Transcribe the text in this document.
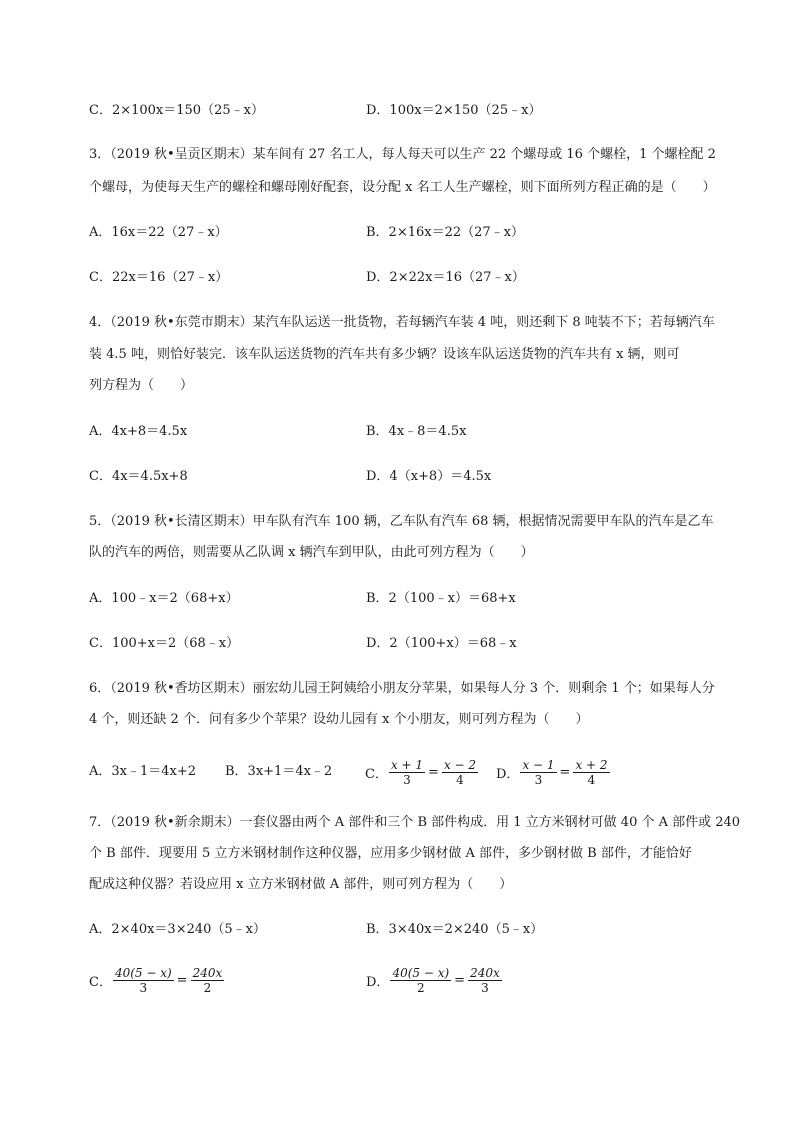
C．2×100x＝150（25﹣x）	D．100x＝2×150（25﹣x）
3．（2019 秋•呈贡区期末）某车间有 27 名工人，每人每天可以生产 22 个螺母或 16 个螺栓，1 个螺栓配 2
个螺母，为使每天生产的螺栓和螺母刚好配套，设分配 x 名工人生产螺栓，则下面所列方程正确的是（　　）
A．16x＝22（27﹣x）	B．2×16x＝22（27﹣x）
C．22x＝16（27﹣x）	D．2×22x＝16（27﹣x）
4．（2019 秋•东莞市期末）某汽车队运送一批货物，若每辆汽车装 4 吨，则还剩下 8 吨装不下；若每辆汽车
装 4.5 吨，则恰好装完．该车队运送货物的汽车共有多少辆？设该车队运送货物的汽车共有 x 辆，则可
列方程为（　　）
A．4x+8＝4.5x	B．4x﹣8＝4.5x
C．4x＝4.5x+8	D．4（x+8）＝4.5x
5．（2019 秋•长清区期末）甲车队有汽车 100 辆，乙车队有汽车 68 辆，根据情况需要甲车队的汽车是乙车
队的汽车的两倍，则需要从乙队调 x 辆汽车到甲队，由此可列方程为（　　）
A．100﹣x＝2（68+x）	B．2（100﹣x）＝68+x
C．100+x＝2（68﹣x）	D．2（100+x）＝68﹣x
6．（2019 秋•香坊区期末）丽宏幼儿园王阿姨给小朋友分苹果，如果每人分 3 个．则剩余 1 个；如果每人分
4 个，则还缺 2 个．问有多少个苹果？设幼儿园有 x 个小朋友，则可列方程为（　　）
A．3x﹣1＝4x+2 B．3x+1＝4x﹣2	C． $\frac{x + 1}{3} = \frac{x - 2}{4}$ D． $\frac{x - 1}{3} = \frac{x + 2}{4}$
7．（2019 秋•新余期末）一套仪器由两个 A 部件和三个 B 部件构成．用 1 立方米钢材可做 40 个 A 部件或 240
个 B 部件．现要用 5 立方米钢材制作这种仪器，应用多少钢材做 A 部件，多少钢材做 B 部件，才能恰好
配成这种仪器？若设应用 x 立方米钢材做 A 部件，则可列方程为（　　）
A．2×40x＝3×240（5﹣x）	B．3×40x＝2×240（5﹣x）
C． $\frac{40(5 - x)}{3} = \frac{240x}{2}$	D． $\frac{40(5 - x)}{2} = \frac{240x}{3}$
